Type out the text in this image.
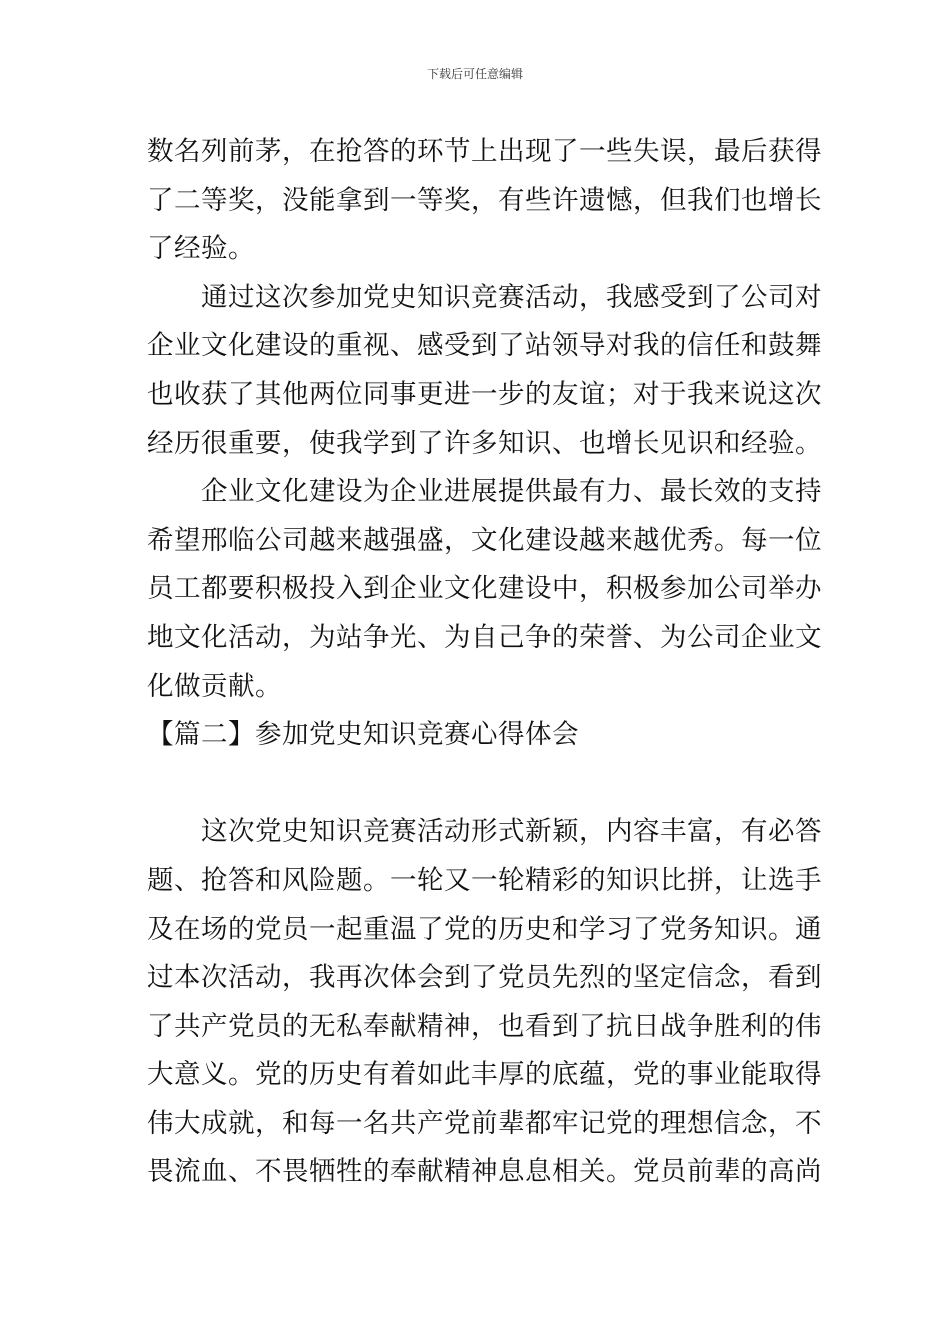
下载后可任意编辑
数名列前茅，在抢答的环节上出现了一些失误，最后获得
了二等奖，没能拿到一等奖，有些许遗憾，但我们也增长
了经验。
　　通过这次参加党史知识竞赛活动，我感受到了公司对
企业文化建设的重视、感受到了站领导对我的信任和鼓舞
也收获了其他两位同事更进一步的友谊；对于我来说这次
经历很重要，使我学到了许多知识、也增长见识和经验。
　　企业文化建设为企业进展提供最有力、最长效的支持
希望邢临公司越来越强盛，文化建设越来越优秀。每一位
员工都要积极投入到企业文化建设中，积极参加公司举办
地文化活动，为站争光、为自己争的荣誉、为公司企业文
化做贡献。
【篇二】参加党史知识竞赛心得体会
　　这次党史知识竞赛活动形式新颖，内容丰富，有必答
题、抢答和风险题。一轮又一轮精彩的知识比拼，让选手
及在场的党员一起重温了党的历史和学习了党务知识。通
过本次活动，我再次体会到了党员先烈的坚定信念，看到
了共产党员的无私奉献精神，也看到了抗日战争胜利的伟
大意义。党的历史有着如此丰厚的底蕴，党的事业能取得
伟大成就，和每一名共产党前辈都牢记党的理想信念，不
畏流血、不畏牺牲的奉献精神息息相关。党员前辈的高尚
